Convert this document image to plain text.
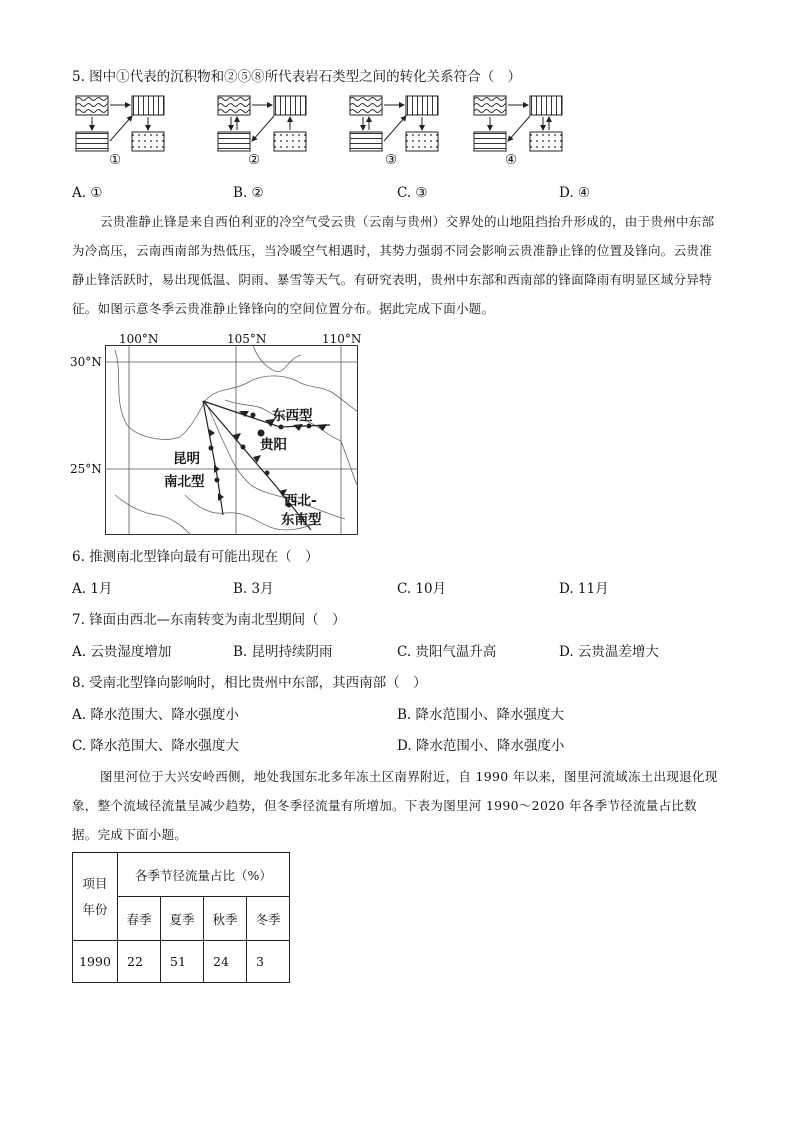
5. 图中①代表的沉积物和②⑤⑧所代表岩石类型之间的转化关系符合（　）
①	②	③	④
A. ①	B. ②	C. ③	D. ④
云贵准静止锋是来自西伯利亚的冷空气受云贵（云南与贵州）交界处的山地阻挡抬升形成的，由于贵州中东部为冷高压，云南西南部为热低压，当冷暖空气相遇时，其势力强弱不同会影响云贵准静止锋的位置及锋向。云贵准静止锋活跃时，易出现低温、阴雨、暴雪等天气。有研究表明，贵州中东部和西南部的锋面降雨有明显区域分异特征。如图示意冬季云贵准静止锋锋向的空间位置分布。据此完成下面小题。
100°N	105°N	110°N
30°N
25°N
东西型
贵阳
昆明
南北型
西北-
东南型
6. 推测南北型锋向最有可能出现在（　）
A. 1月	B. 3月	C. 10月	D. 11月
7. 锋面由西北—东南转变为南北型期间（　）
A. 云贵湿度增加	B. 昆明持续阴雨	C. 贵阳气温升高	D. 云贵温差增大
8. 受南北型锋向影响时，相比贵州中东部，其西南部（　）
A. 降水范围大、降水强度小	B. 降水范围小、降水强度大
C. 降水范围大、降水强度大	D. 降水范围小、降水强度小
图里河位于大兴安岭西侧，地处我国东北多年冻土区南界附近，自 1990 年以来，图里河流域冻土出现退化现象，整个流域径流量呈减少趋势，但冬季径流量有所增加。下表为图里河 1990～2020 年各季节径流量占比数据。完成下面小题。
项目
年份	各季节径流量占比（%）			
	春季	夏季	秋季	冬季
1990	22	51	24	3
